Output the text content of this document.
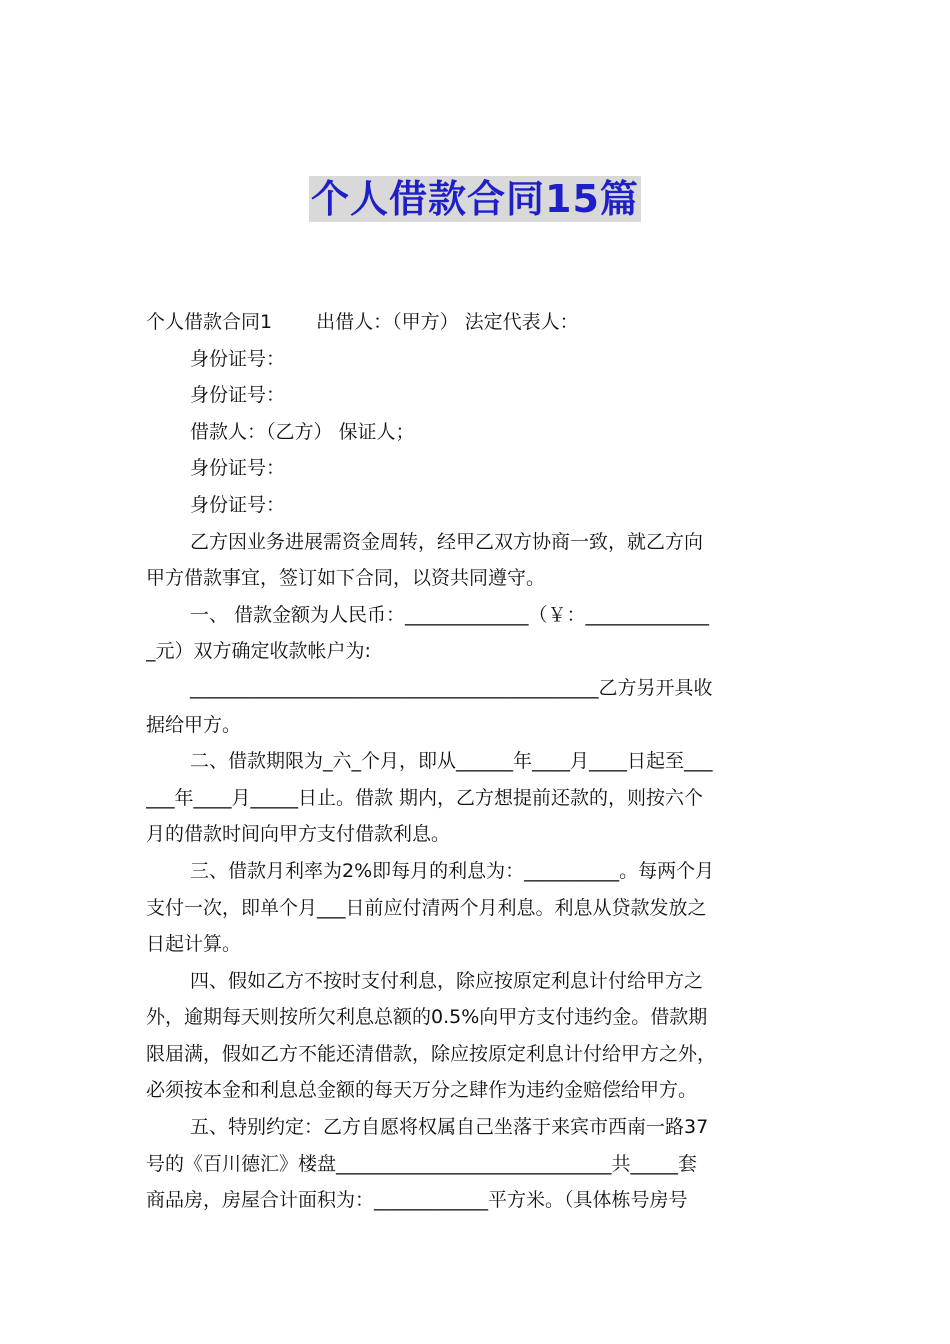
个人借款合同15篇

个人借款合同1 出借人：（甲方） 法定代表人：

身份证号：

身份证号：

借款人：（乙方） 保证人；

身份证号：

身份证号：

乙方因业务进展需资金周转，经甲乙双方协商一致，就乙方向

甲方借款事宜，签订如下合同，以资共同遵守。

一、 借款金额为人民币：_____________（￥：_____________

_元）双方确定收款帐户为:

___________________________________________乙方另开具收

据给甲方。

二、借款期限为_六_个月，即从______年____月____日起至___

___年____月_____日止。借款 期内，乙方想提前还款的，则按六个

月的借款时间向甲方支付借款利息。

三、借款月利率为2%即每月的利息为：__________。每两个月

支付一次，即单个月___日前应付清两个月利息。利息从贷款发放之

日起计算。

四、假如乙方不按时支付利息，除应按原定利息计付给甲方之

外，逾期每天则按所欠利息总额的0.5%向甲方支付违约金。借款期

限届满，假如乙方不能还清借款，除应按原定利息计付给甲方之外，

必须按本金和利息总金额的每天万分之肆作为违约金赔偿给甲方。

五、特别约定：乙方自愿将权属自己坐落于来宾市西南一路37

号的《百川德汇》楼盘_____________________________共_____套

商品房，房屋合计面积为：____________平方米。（具体栋号房号
